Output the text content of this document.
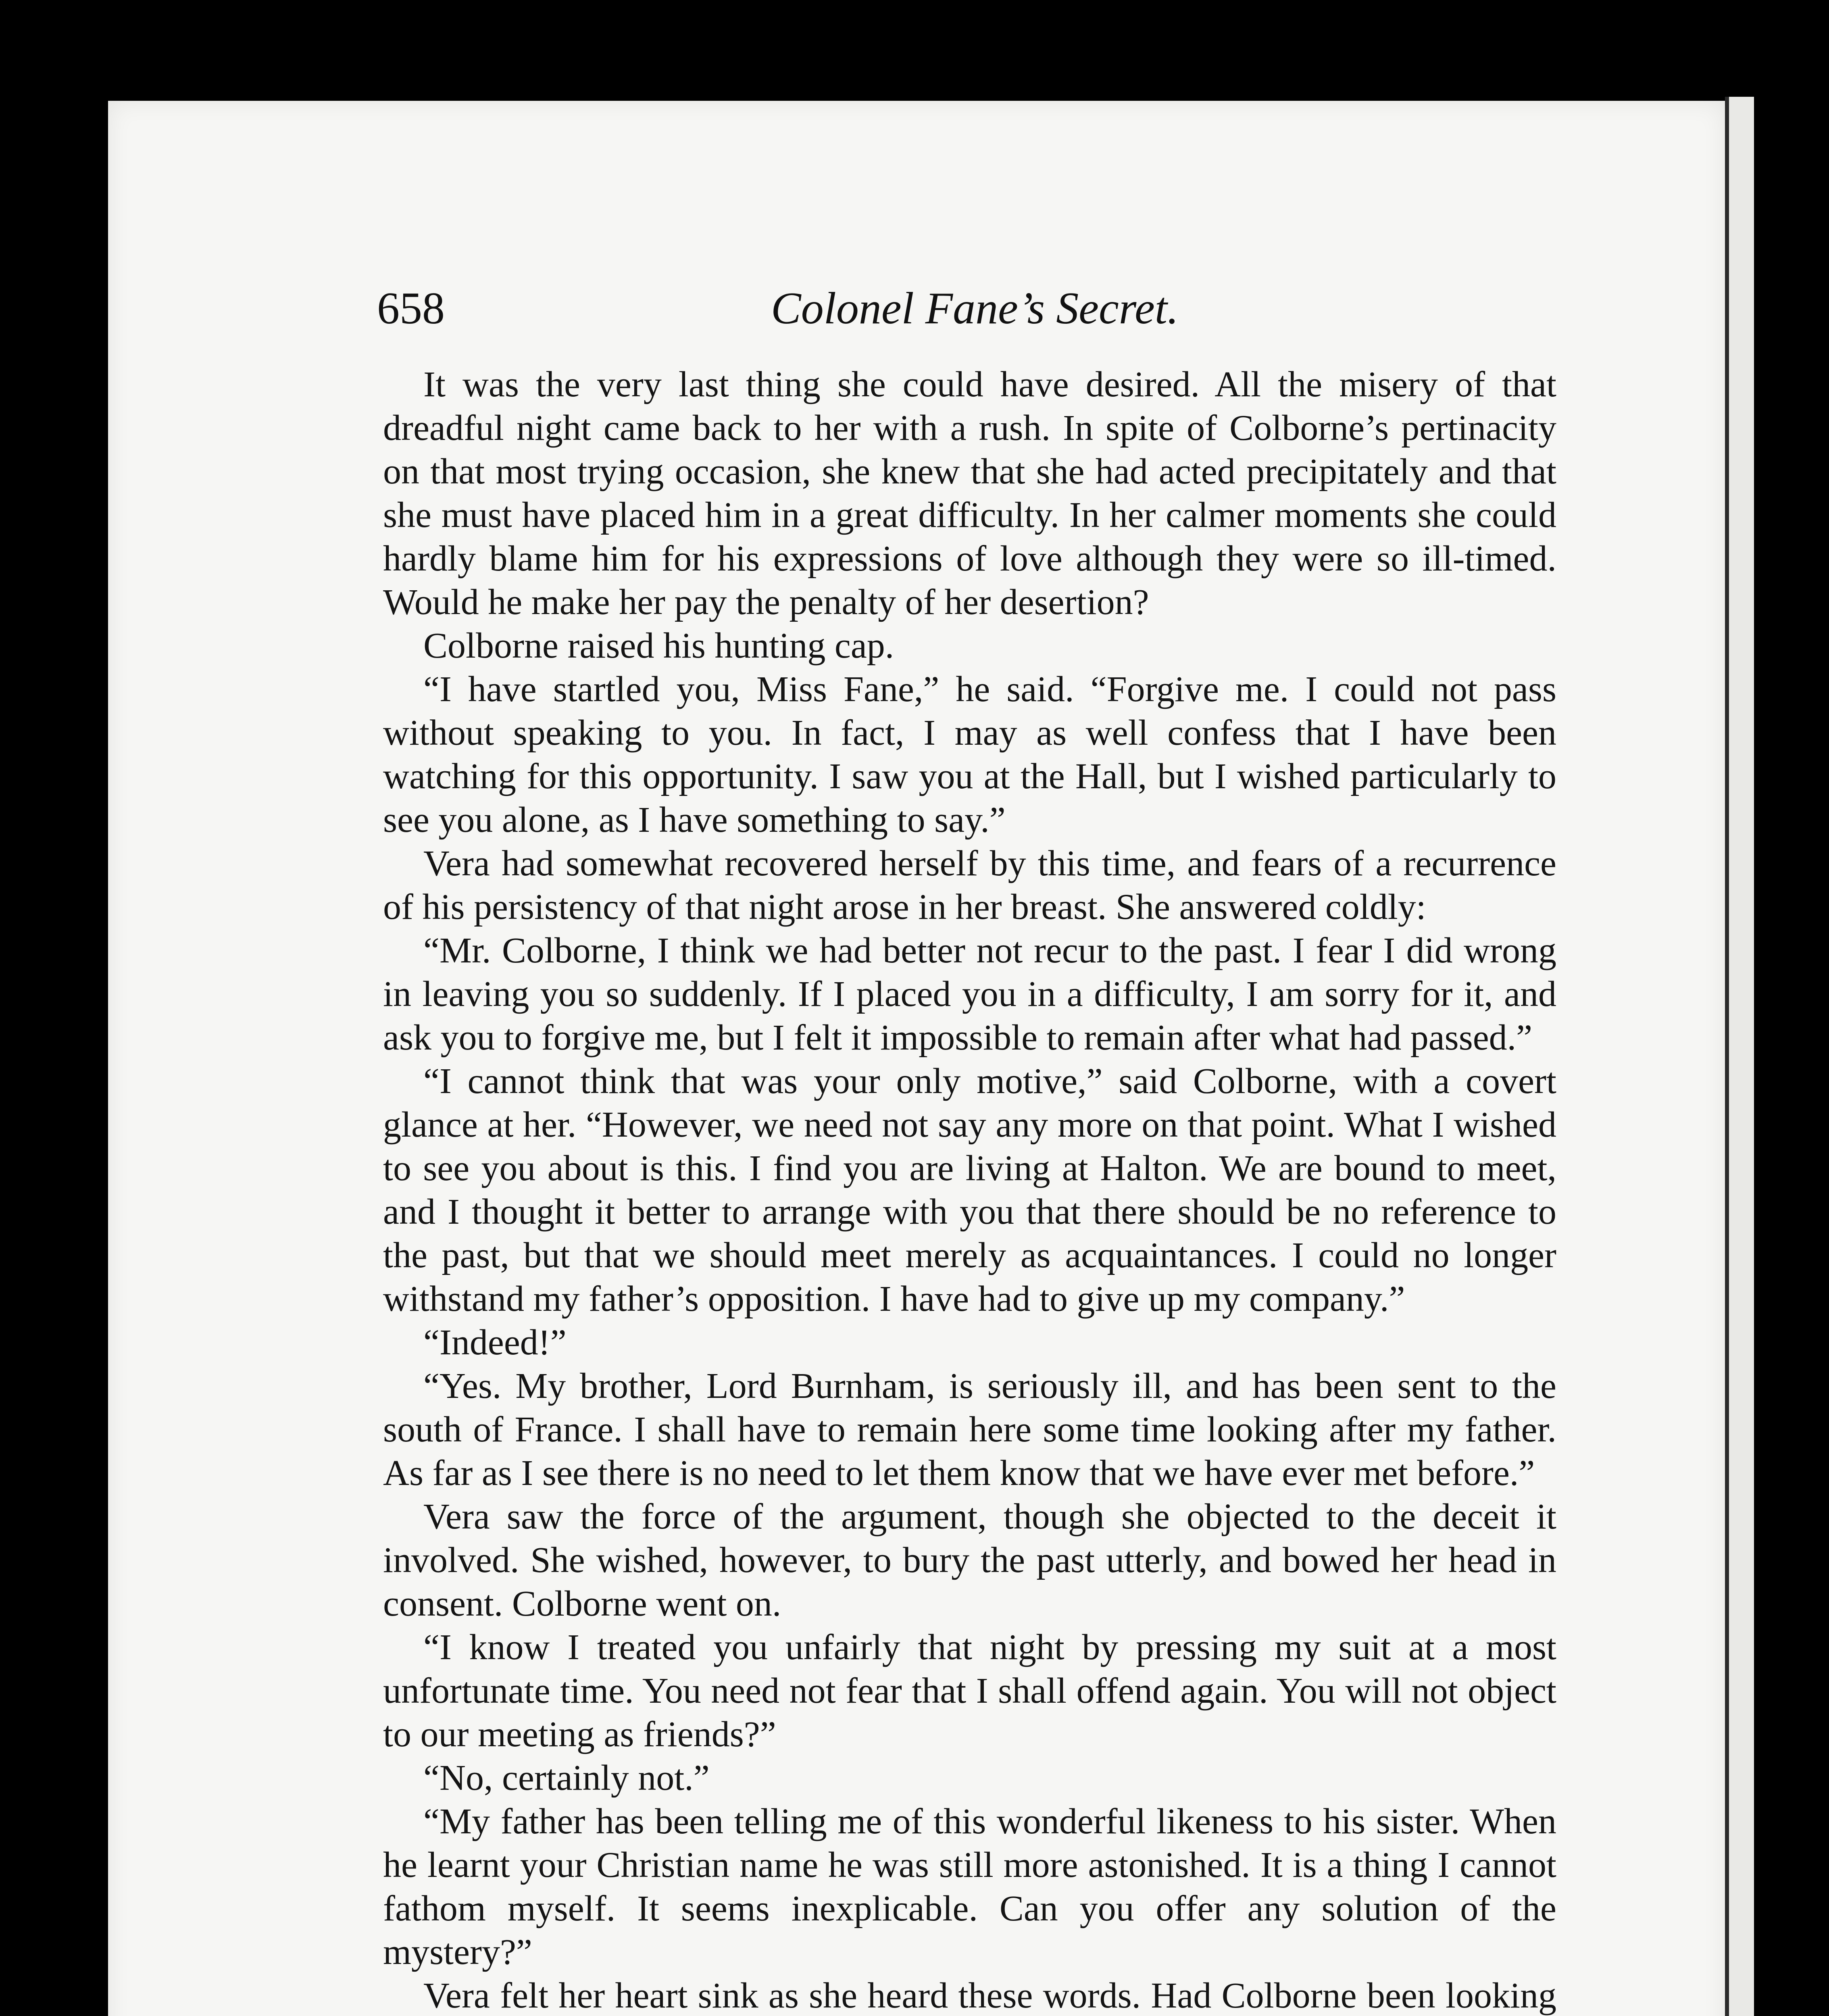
658	Colonel Fane’s Secret.

It was the very last thing she could have desired. All the misery of that dreadful night came back to her with a rush. In spite of Colborne’s pertinacity on that most trying occasion, she knew that she had acted precipitately and that she must have placed him in a great difficulty. In her calmer moments she could hardly blame him for his expressions of love although they were so ill-timed. Would he make her pay the penalty of her desertion?

Colborne raised his hunting cap.

“I have startled you, Miss Fane,” he said. “Forgive me. I could not pass without speaking to you. In fact, I may as well confess that I have been watching for this opportunity. I saw you at the Hall, but I wished particularly to see you alone, as I have something to say.”

Vera had somewhat recovered herself by this time, and fears of a recurrence of his persistency of that night arose in her breast. She answered coldly:

“Mr. Colborne, I think we had better not recur to the past. I fear I did wrong in leaving you so suddenly. If I placed you in a difficulty, I am sorry for it, and ask you to forgive me, but I felt it impossible to remain after what had passed.”

“I cannot think that was your only motive,” said Colborne, with a covert glance at her. “However, we need not say any more on that point. What I wished to see you about is this. I find you are living at Halton. We are bound to meet, and I thought it better to arrange with you that there should be no reference to the past, but that we should meet merely as acquaintances. I could no longer withstand my father’s opposition. I have had to give up my company.”

“Indeed!”

“Yes. My brother, Lord Burnham, is seriously ill, and has been sent to the south of France. I shall have to remain here some time looking after my father. As far as I see there is no need to let them know that we have ever met before.”

Vera saw the force of the argument, though she objected to the deceit it involved. She wished, however, to bury the past utterly, and bowed her head in consent. Colborne went on.

“I know I treated you unfairly that night by pressing my suit at a most unfortunate time. You need not fear that I shall offend again. You will not object to our meeting as friends?”

“No, certainly not.”

“My father has been telling me of this wonderful likeness to his sister. When he learnt your Christian name he was still more astonished. It is a thing I cannot fathom myself. It seems inexplicable. Can you offer any solution of the mystery?”

Vera felt her heart sink as she heard these words. Had Colborne been looking
